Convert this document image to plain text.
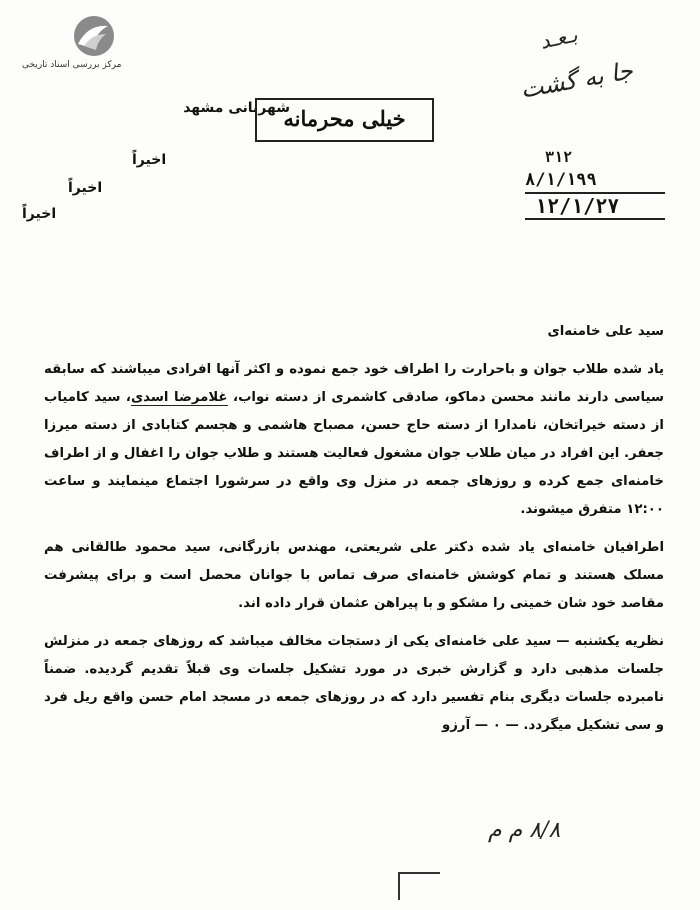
مرکز بررسی اسناد تاریخی
ب‍ـ‍ع‍ـ‍د
ج‍ا ب‍ه گ‍شت
شهربانی مشهد
خیلی محرمانه
۳۱۲
۸/۱/۱۹۹
۱۲/۱/۲۷
اخیراً
اخیراً
اخیراً
سید علی خامنه‌ای
یاد شده طلاب جوان و باحرارت را اطراف خود جمع نموده و اکثر آنها افرادی میباشند که سابقه سیاسی دارند مانند محسن دماکو، صادقی کاشمری از دسته نواب، غلامرضا اسدی، سید کامیاب از دسته خیراتخان، نامدارا از دسته حاج حسن، مصباح هاشمی و هجسم کتابادی از دسته میرزا جعفر. این افراد در میان طلاب جوان مشغول فعالیت هستند و طلاب جوان را اغفال و از اطراف خامنه‌ای جمع کرده و روزهای جمعه در منزل وی واقع در سرشورا اجتماع مینمایند و ساعت ۱۲:۰۰ متفرق میشوند.
اطرافیان خامنه‌ای یاد شده دکتر علی شریعتی، مهندس بازرگانی، سید محمود طالقانی هم مسلک هستند و تمام کوشش خامنه‌ای صرف تماس با جوانان محصل است و برای پیشرفت مقاصد خود شان خمینی را مشکو و با پیراهن عثمان قرار داده اند.
نظریه یکشنبه — سید علی خامنه‌ای یکی از دستجات مخالف میباشد که روزهای جمعه در منزلش جلسات مذهبی دارد و گزارش خبری در مورد تشکیل جلسات وی قبلاً تقدیم گردیده. ضمناً نامبرده جلسات دیگری بنام تفسیر دارد که در روزهای جمعه در مسجد امام حسن واقع ریل فرد و سی تشکیل میگردد. — ۰ — آرزو
۸/۸ م م
